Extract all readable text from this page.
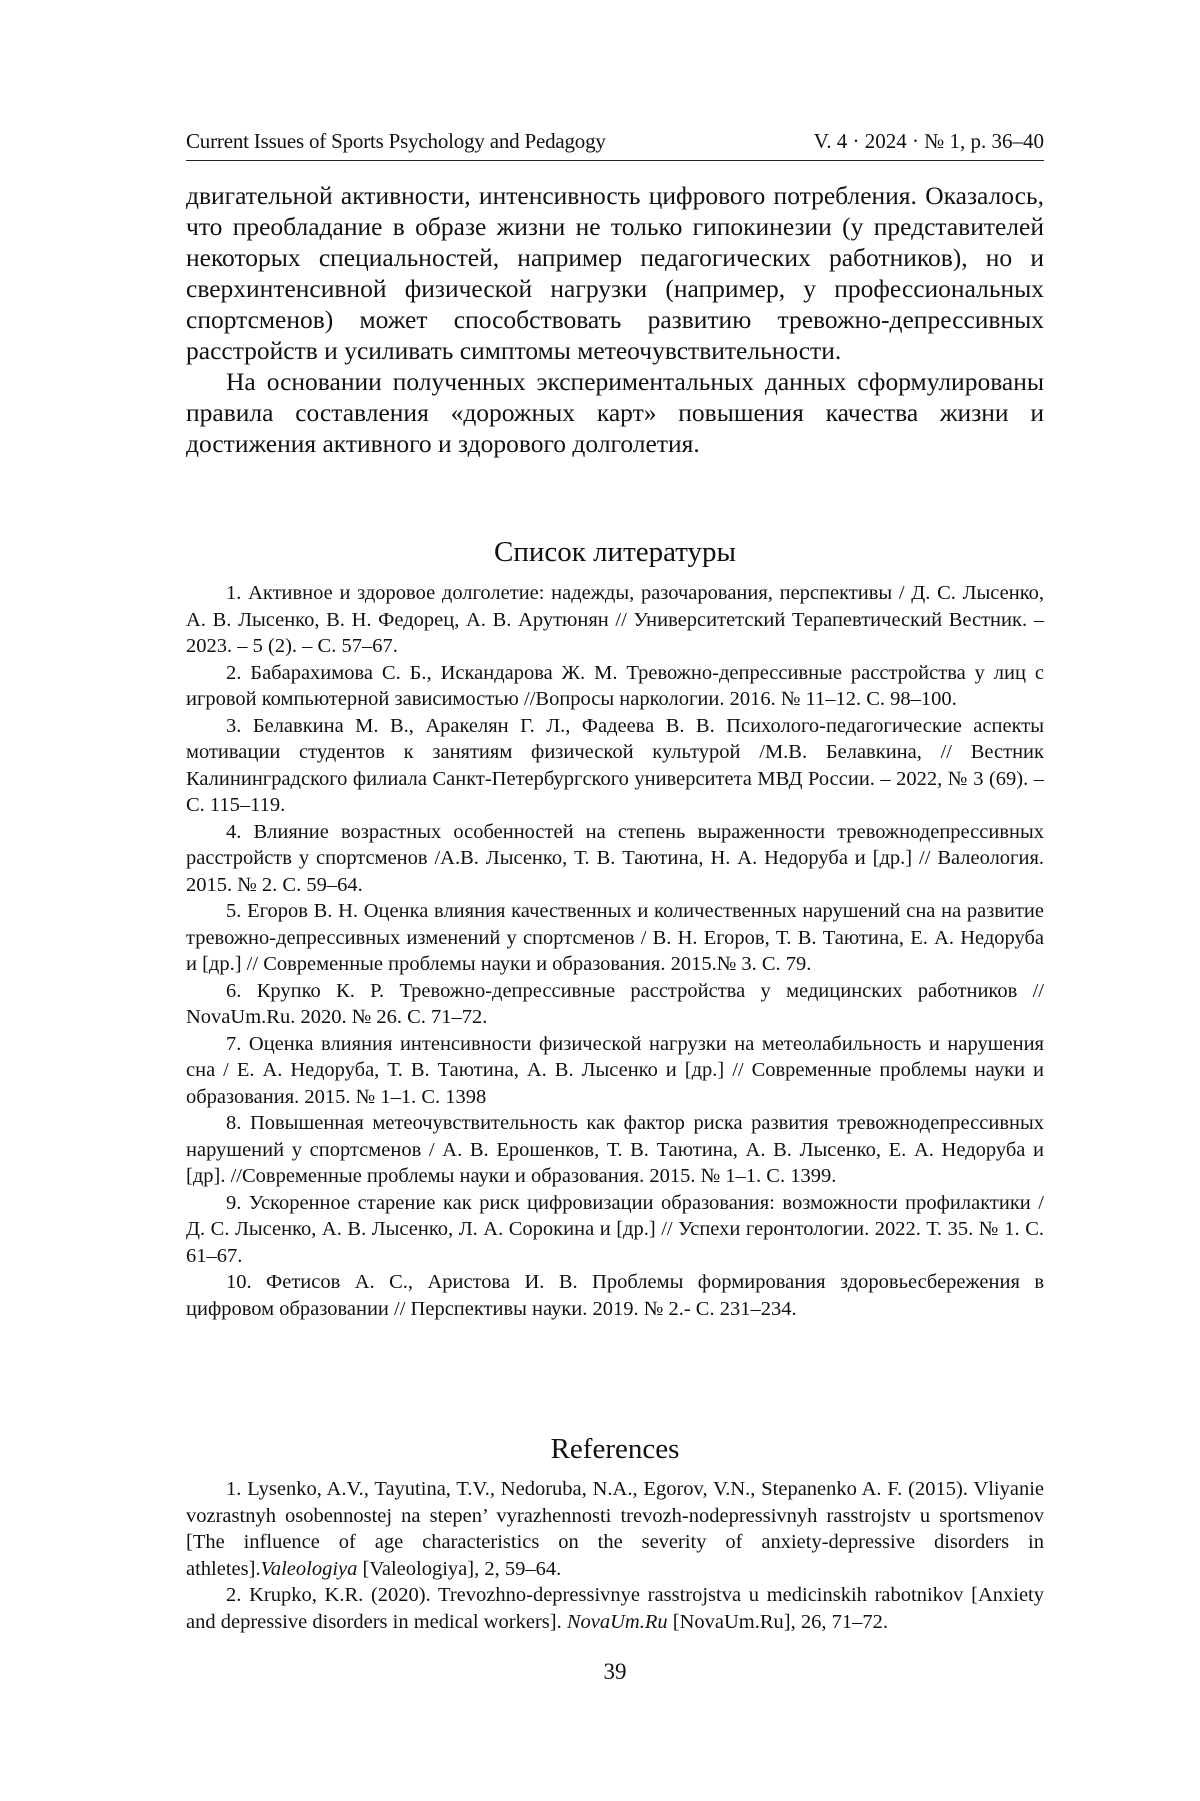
Current Issues of Sports Psychology and Pedagogy	V. 4 · 2024 · № 1, p. 36–40

двигательной активности, интенсивность цифрового потребления. Оказалось, что преобладание в образе жизни не только гипокинезии (у представителей некоторых специальностей, например педагогических работников), но и сверхинтенсивной физической нагрузки (например, у профессиональных спортсменов) может способствовать развитию тревожно-депрессивных расстройств и усиливать симптомы метеочувствительности.

На основании полученных экспериментальных данных сформулированы правила составления «дорожных карт» повышения качества жизни и достижения активного и здорового долголетия.

Список литературы

1. Активное и здоровое долголетие: надежды, разочарования, перспективы / Д. С. Лысенко, А. В. Лысенко, В. Н. Федорец, А. В. Арутюнян // Университетский Терапевтический Вестник. – 2023. – 5 (2). – С. 57–67.

2. Бабарахимова С. Б., Искандарова Ж. М. Тревожно-депрессивные расстройства у лиц с игровой компьютерной зависимостью //Вопросы наркологии. 2016. № 11–12. С. 98–100.

3. Белавкина М. В., Аракелян Г. Л., Фадеева В. В. Психолого-педагогические аспекты мотивации студентов к занятиям физической культурой /М.В. Белавкина, // Вестник Калининградского филиала Санкт-Петербургского университета МВД России. – 2022, № 3 (69). – С. 115–119.

4. Влияние возрастных особенностей на степень выраженности тревожнодепрессивных расстройств у спортсменов /А.В. Лысенко, Т. В. Таютина, Н. А. Недоруба и [др.] // Валеология. 2015. № 2. С. 59–64.

5. Егоров В. Н. Оценка влияния качественных и количественных нарушений сна на развитие тревожно-депрессивных изменений у спортсменов / В. Н. Егоров, Т. В. Таютина, Е. А. Недоруба и [др.] // Современные проблемы науки и образования. 2015.№ 3. С. 79.

6. Крупко К. Р. Тревожно-депрессивные расстройства у медицинских работников // NovaUm.Ru. 2020. № 26. С. 71–72.

7. Оценка влияния интенсивности физической нагрузки на метеолабильность и нарушения сна / Е. А. Недоруба, Т. В. Таютина, А. В. Лысенко и [др.] // Современные проблемы науки и образования. 2015. № 1–1. С. 1398

8. Повышенная метеочувствительность как фактор риска развития тревожнодепрессивных нарушений у спортсменов / А. В. Ерошенков, Т. В. Таютина, А. В. Лысенко, Е. А. Недоруба и [др]. //Современные проблемы науки и образования. 2015. № 1–1. С. 1399.

9. Ускоренное старение как риск цифровизации образования: возможности профилактики / Д. С. Лысенко, А. В. Лысенко, Л. А. Сорокина и [др.] // Успехи геронтологии. 2022. Т. 35. № 1. С. 61–67.

10. Фетисов А. С., Аристова И. В. Проблемы формирования здоровьесбережения в цифровом образовании // Перспективы науки. 2019. № 2.- С. 231–234.

References

1. Lysenko, A.V., Tayutina, T.V., Nedoruba, N.A., Egorov, V.N., Stepanenko A. F. (2015). Vliyanie vozrastnyh osobennostej na stepen’ vyrazhennosti trevozh-nodepressivnyh rasstrojstv u sportsmenov [The influence of age characteristics on the severity of anxiety-depressive disorders in athletes].Valeologiya [Valeologiya], 2, 59–64.

2. Krupko, K.R. (2020). Trevozhno-depressivnye rasstrojstva u medicinskih rabotnikov [Anxiety and depressive disorders in medical workers]. NovaUm.Ru [NovaUm.Ru], 26, 71–72.

39
